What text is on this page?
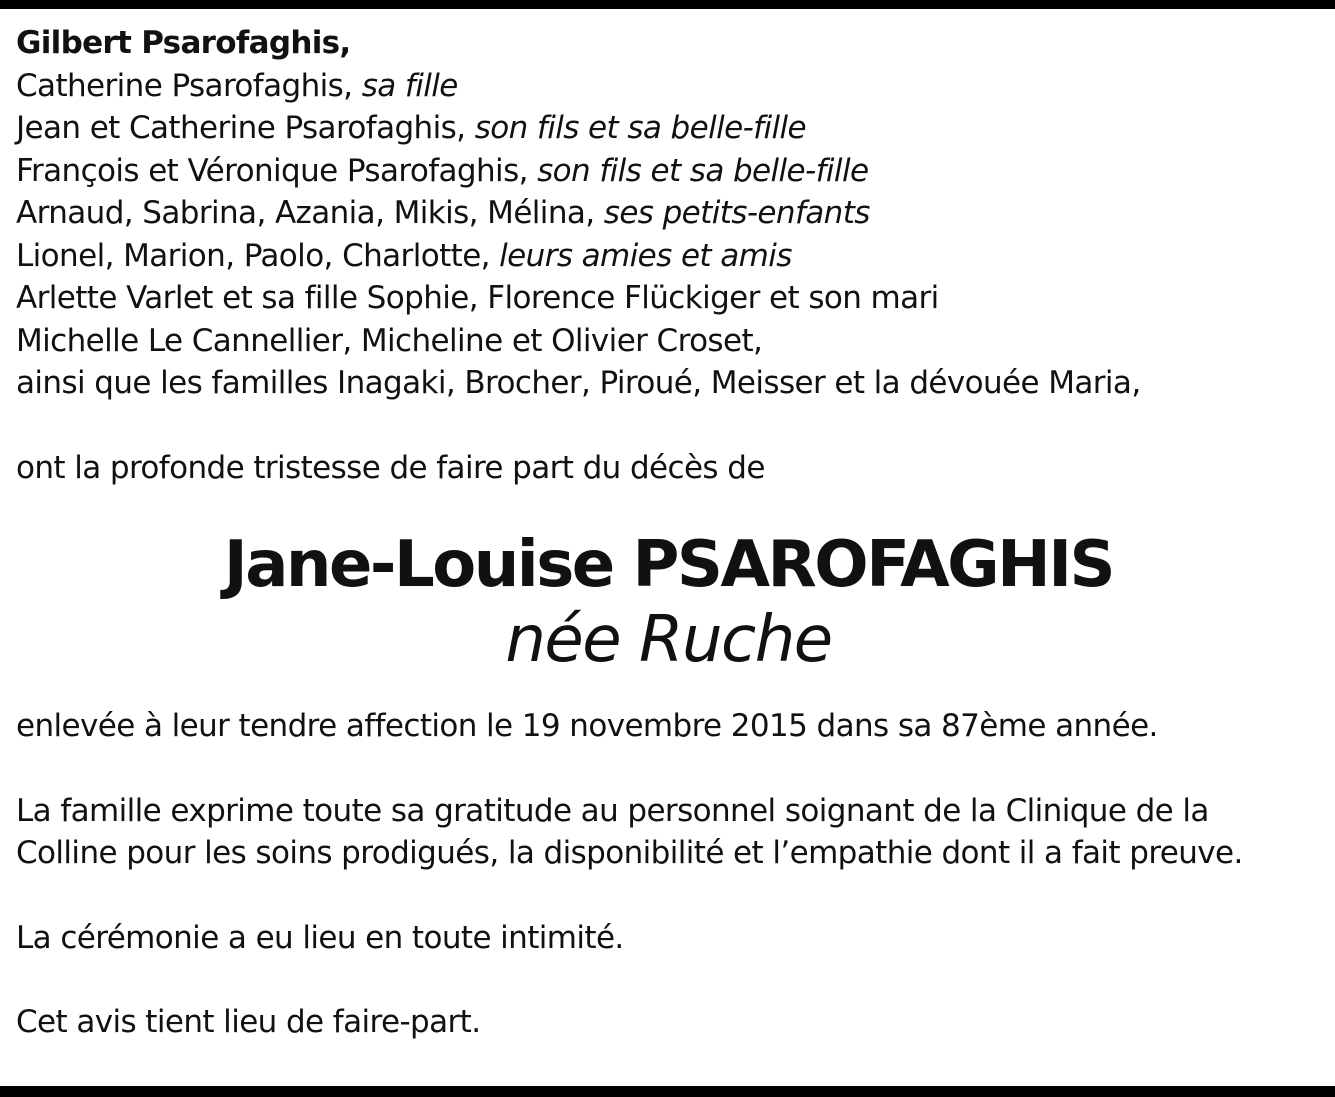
Gilbert Psarofaghis,
Catherine Psarofaghis, sa fille
Jean et Catherine Psarofaghis, son fils et sa belle-fille
François et Véronique Psarofaghis, son fils et sa belle-fille
Arnaud, Sabrina, Azania, Mikis, Mélina, ses petits-enfants
Lionel, Marion, Paolo, Charlotte, leurs amies et amis
Arlette Varlet et sa fille Sophie, Florence Flückiger et son mari
Michelle Le Cannellier, Micheline et Olivier Croset,
ainsi que les familles Inagaki, Brocher, Piroué, Meisser et la dévouée Maria,
ont la profonde tristesse de faire part du décès de
Jane-Louise PSAROFAGHIS
née Ruche
enlevée à leur tendre affection le 19 novembre 2015 dans sa 87ème année.
La famille exprime toute sa gratitude au personnel soignant de la Clinique de la
Colline pour les soins prodigués, la disponibilité et l’empathie dont il a fait preuve.
La cérémonie a eu lieu en toute intimité.
Cet avis tient lieu de faire-part.
